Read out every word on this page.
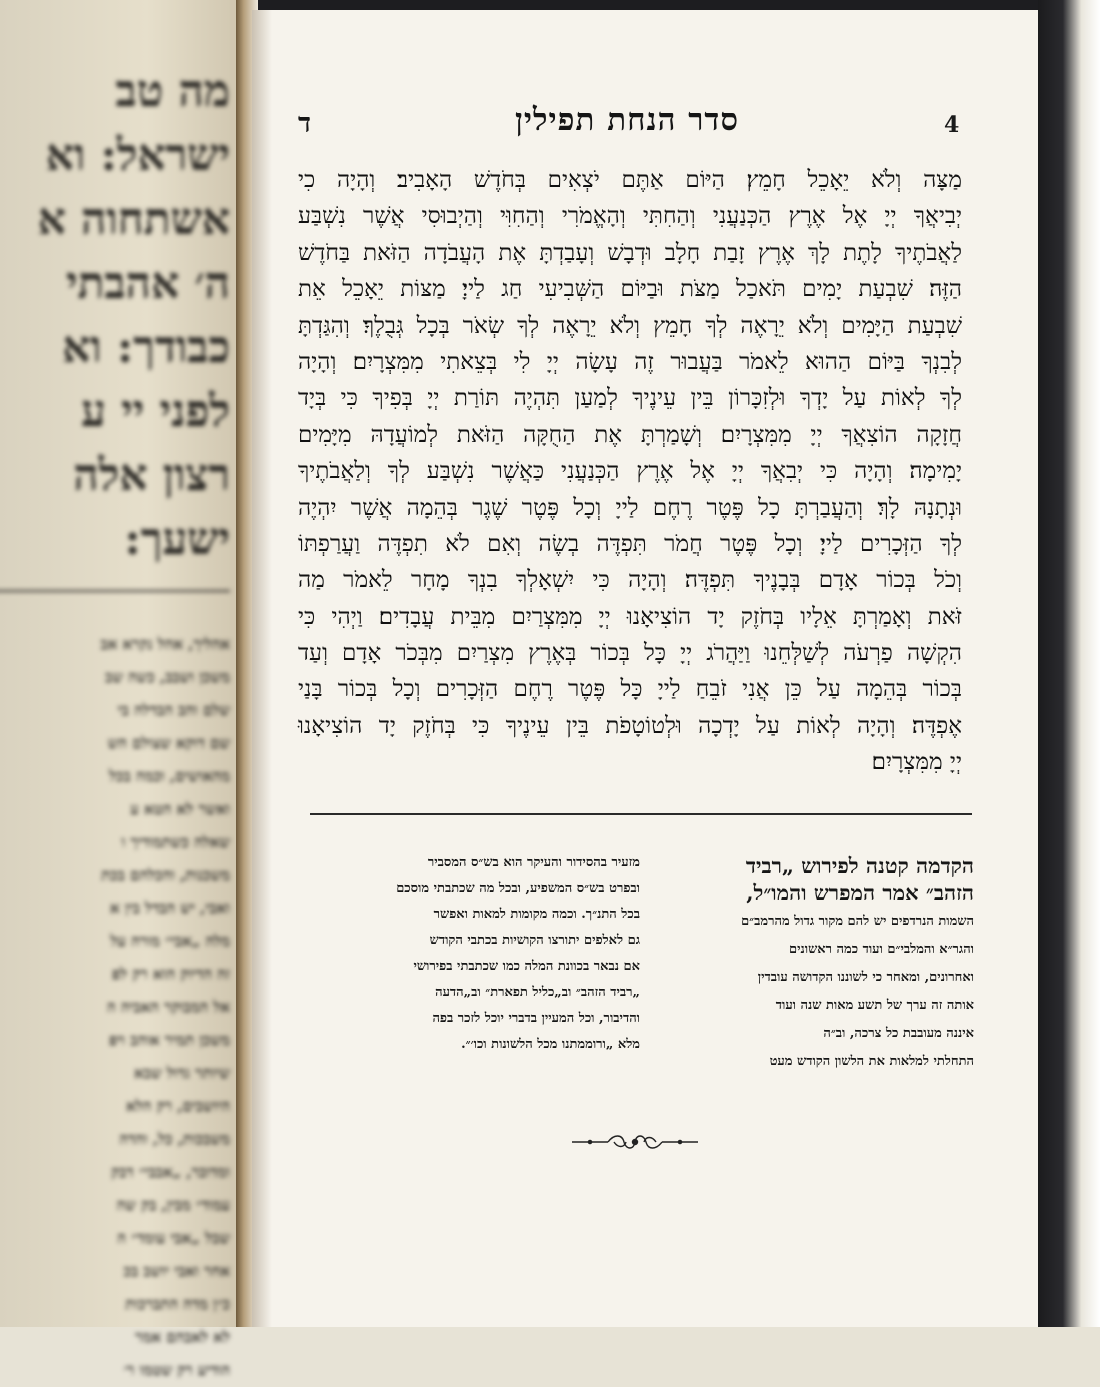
מה טב
ישראל: וא
אשתחוה א
ה׳ אהבתי
כבודך: וא
לפני יי ע
רצון אלה
ישעך:
אהליך, אהל נקרא אב
משכן ושבב, כשה שב
שלם והב הבדלה בי
שם דוקא שצולם הש
מהאושים, וכמה בכל
ואשר לא הטא ע
שאלה כשתמודיך ו
משכנות, והכלהם בכת
ואבי, יש הבדל בין א
מלה „אבי״ מורה על
זה הדיוק הוא רק לפ
אל המבוקר האביה ה
משכן תמיר אוהב ויפ
שיותר גדול שבא
היושבים, רק הלא
משבכות, כל, והדה
ומדובר, „אבבי״ דבק
עמוד״ מבין, בק שה
שבל „אבי עומד״ ה
אחר ואבי יושב בכ
כ״ן מדה התברכות
לא לאבהם אמר
הודיע רק שטמו ר׳
4
סדר הנחת תפילין
ד
מַצָּה וְלֹא יֵאָכֵל חָמֵץ׃ הַיּוֹם אַתֶּם יֹצְאִים בְּחֹדֶשׁ הָאָבִיב׃ וְהָיָה כִי
יְבִיאֲךָ יְיָ אֶל אֶרֶץ הַכְּנַעֲנִי וְהַחִתִּי וְהָאֱמֹרִי וְהַחִוִּי וְהַיְבוּסִי אֲשֶׁר נִשְׁבַּע
לַאֲבֹתֶיךָ לָתֶת לָךְ אֶרֶץ זָבַת חָלָב וּדְבָשׁ וְעָבַדְתָּ אֶת הָעֲבֹדָה הַזֹּאת בַּחֹדֶשׁ
הַזֶּה׃ שִׁבְעַת יָמִים תֹּאכַל מַצֹּת וּבַיּוֹם הַשְּׁבִיעִי חַג לַייָ׃ מַצּוֹת יֵאָכֵל אֵת
שִׁבְעַת הַיָּמִים וְלֹא יֵרָאֶה לְךָ חָמֵץ וְלֹא יֵרָאֶה לְךָ שְׂאֹר בְּכָל גְּבֻלֶךָ׃ וְהִגַּדְתָּ
לְבִנְךָ בַּיּוֹם הַהוּא לֵאמֹר בַּעֲבוּר זֶה עָשָׂה יְיָ לִי בְּצֵאתִי מִמִּצְרָיִם׃ וְהָיָה
לְךָ לְאוֹת עַל יָדְךָ וּלְזִכָּרוֹן בֵּין עֵינֶיךָ לְמַעַן תִּהְיֶה תּוֹרַת יְיָ בְּפִיךָ כִּי בְּיָד
חֲזָקָה הוֹצִאֲךָ יְיָ מִמִּצְרָיִם׃ וְשָׁמַרְתָּ אֶת הַחֻקָּה הַזֹּאת לְמוֹעֲדָהּ מִיָּמִים
יָמִימָה׃ וְהָיָה כִּי יְבִאֲךָ יְיָ אֶל אֶרֶץ הַכְּנַעֲנִי כַּאֲשֶׁר נִשְׁבַּע לְךָ וְלַאֲבֹתֶיךָ
וּנְתָנָהּ לָךְ׃ וְהַעֲבַרְתָּ כָל פֶּטֶר רֶחֶם לַייָ וְכָל פֶּטֶר שֶׁגֶר בְּהֵמָה אֲשֶׁר יִהְיֶה
לְךָ הַזְּכָרִים לַייָ׃ וְכָל פֶּטֶר חֲמֹר תִּפְדֶּה בְשֶׂה וְאִם לֹא תִפְדֶּה וַעֲרַפְתּוֹ
וְכֹל בְּכוֹר אָדָם בְּבָנֶיךָ תִּפְדֶּה׃ וְהָיָה כִּי יִשְׁאָלְךָ בִנְךָ מָחָר לֵאמֹר מַה
זֹּאת וְאָמַרְתָּ אֵלָיו בְּחֹזֶק יָד הוֹצִיאָנוּ יְיָ מִמִּצְרַיִם מִבֵּית עֲבָדִים׃ וַיְהִי כִּי
הִקְשָׁה פַרְעֹה לְשַׁלְּחֵנוּ וַיַּהֲרֹג יְיָ כָּל בְּכוֹר בְּאֶרֶץ מִצְרַיִם מִבְּכֹר אָדָם וְעַד
בְּכוֹר בְּהֵמָה עַל כֵּן אֲנִי זֹבֵחַ לַייָ כָּל פֶּטֶר רֶחֶם הַזְּכָרִים וְכָל בְּכוֹר בָּנַי
אֶפְדֶּה׃ וְהָיָה לְאוֹת עַל יָדְכָה וּלְטוֹטָפֹת בֵּין עֵינֶיךָ כִּי בְּחֹזֶק יָד הוֹצִיאָנוּ
יְיָ מִמִּצְרָיִם׃
הקדמה קטנה לפירוש „רביד
הזהב״ אמר המפרש והמו״ל,
השמות הנרדפים יש להם מקור גדול מהרמב״ם
והגר״א והמלבי״ם ועוד כמה ראשונים
ואחרונים, ומאחר כי לשוננו הקדושה עובדין
אותה זה ערך של תשע מאות שנה ועוד
איננה מעובבת כל צרכה, וב״ה
התחלתי למלאות את הלשון הקודש מעט
מזעיר בהסידור והעיקר הוא בש״ס המסביר
ובפרט בש״ס המשפיע, ובכל מה שכתבתי מוסכם
בכל התנ״ך. וכמה מקומות למאות ואפשר
גם לאלפים יתורצו הקושיות בכתבי הקודש
אם נבאר בכוונת המלה כמו שכתבתי בפירושי
„רביד הזהב״ וב„כליל תפארת״ וב„הדעה
והדיבור, וכל המעיין בדברי יוכל לזכר בפה
מלא „ורוממתנו מכל הלשונות וכו׳״.
